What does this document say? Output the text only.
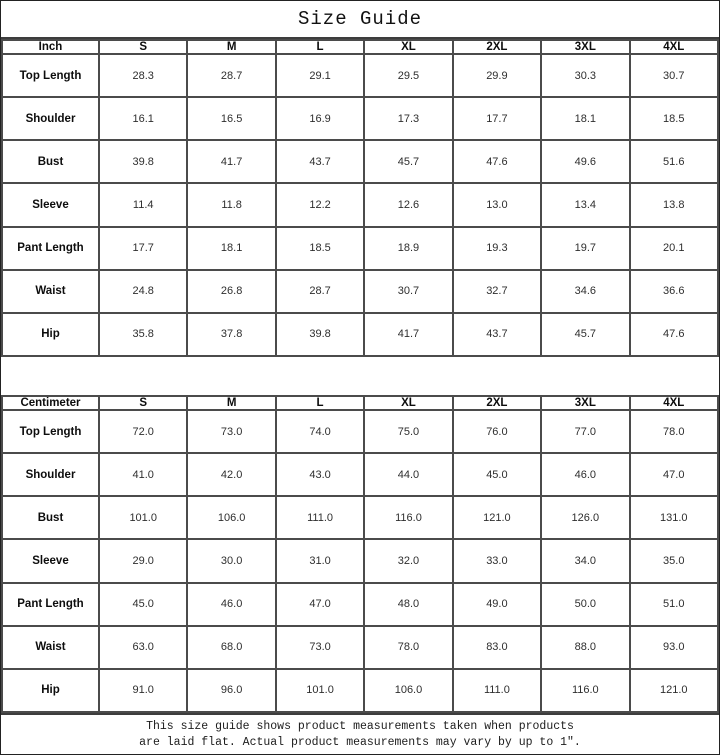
Size Guide
Inch	S	M	L	XL	2XL	3XL	4XL
Top Length	28.3	28.7	29.1	29.5	29.9	30.3	30.7
Shoulder	16.1	16.5	16.9	17.3	17.7	18.1	18.5
Bust	39.8	41.7	43.7	45.7	47.6	49.6	51.6
Sleeve	11.4	11.8	12.2	12.6	13.0	13.4	13.8
Pant Length	17.7	18.1	18.5	18.9	19.3	19.7	20.1
Waist	24.8	26.8	28.7	30.7	32.7	34.6	36.6
Hip	35.8	37.8	39.8	41.7	43.7	45.7	47.6
Centimeter	S	M	L	XL	2XL	3XL	4XL
Top Length	72.0	73.0	74.0	75.0	76.0	77.0	78.0
Shoulder	41.0	42.0	43.0	44.0	45.0	46.0	47.0
Bust	101.0	106.0	111.0	116.0	121.0	126.0	131.0
Sleeve	29.0	30.0	31.0	32.0	33.0	34.0	35.0
Pant Length	45.0	46.0	47.0	48.0	49.0	50.0	51.0
Waist	63.0	68.0	73.0	78.0	83.0	88.0	93.0
Hip	91.0	96.0	101.0	106.0	111.0	116.0	121.0
This size guide shows product measurements taken when products
are laid flat. Actual product measurements may vary by up to 1″.
